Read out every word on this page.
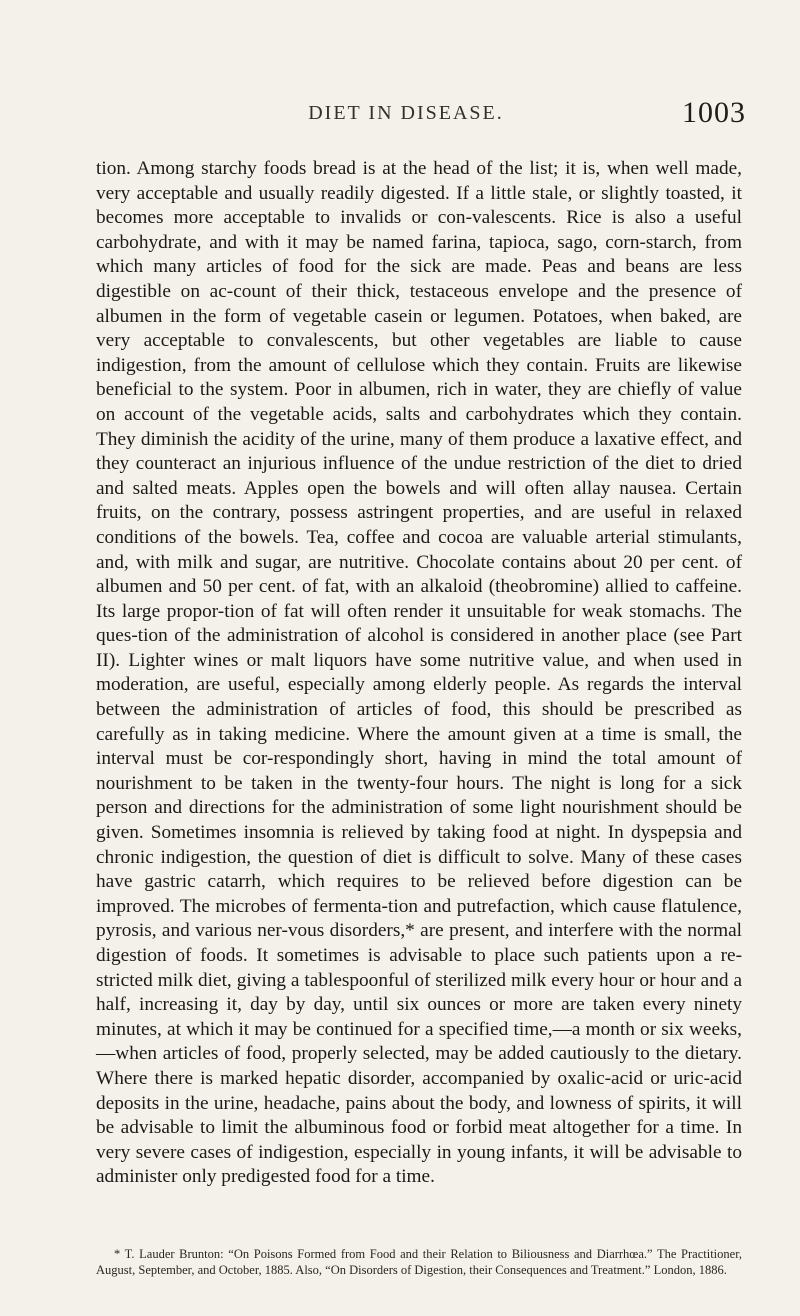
DIET IN DISEASE.	1003

tion. Among starchy foods bread is at the head of the list; it is, when well made, very acceptable and usually readily digested. If a little stale, or slightly toasted, it becomes more acceptable to invalids or con-valescents. Rice is also a useful carbohydrate, and with it may be named farina, tapioca, sago, corn-starch, from which many articles of food for the sick are made. Peas and beans are less digestible on ac-count of their thick, testaceous envelope and the presence of albumen in the form of vegetable casein or legumen. Potatoes, when baked, are very acceptable to convalescents, but other vegetables are liable to cause indigestion, from the amount of cellulose which they contain. Fruits are likewise beneficial to the system. Poor in albumen, rich in water, they are chiefly of value on account of the vegetable acids, salts and carbohydrates which they contain. They diminish the acidity of the urine, many of them produce a laxative effect, and they counteract an injurious influence of the undue restriction of the diet to dried and salted meats. Apples open the bowels and will often allay nausea. Certain fruits, on the contrary, possess astringent properties, and are useful in relaxed conditions of the bowels. Tea, coffee and cocoa are valuable arterial stimulants, and, with milk and sugar, are nutritive. Chocolate contains about 20 per cent. of albumen and 50 per cent. of fat, with an alkaloid (theobromine) allied to caffeine. Its large propor-tion of fat will often render it unsuitable for weak stomachs. The ques-tion of the administration of alcohol is considered in another place (see Part II). Lighter wines or malt liquors have some nutritive value, and when used in moderation, are useful, especially among elderly people. As regards the interval between the administration of articles of food, this should be prescribed as carefully as in taking medicine. Where the amount given at a time is small, the interval must be cor-respondingly short, having in mind the total amount of nourishment to be taken in the twenty-four hours. The night is long for a sick person and directions for the administration of some light nourishment should be given. Sometimes insomnia is relieved by taking food at night. In dyspepsia and chronic indigestion, the question of diet is difficult to solve. Many of these cases have gastric catarrh, which requires to be relieved before digestion can be improved. The microbes of fermenta-tion and putrefaction, which cause flatulence, pyrosis, and various ner-vous disorders,* are present, and interfere with the normal digestion of foods. It sometimes is advisable to place such patients upon a re-stricted milk diet, giving a tablespoonful of sterilized milk every hour or hour and a half, increasing it, day by day, until six ounces or more are taken every ninety minutes, at which it may be continued for a specified time,—a month or six weeks,—when articles of food, properly selected, may be added cautiously to the dietary. Where there is marked hepatic disorder, accompanied by oxalic-acid or uric-acid deposits in the urine, headache, pains about the body, and lowness of spirits, it will be advisable to limit the albuminous food or forbid meat altogether for a time. In very severe cases of indigestion, especially in young infants, it will be advisable to administer only predigested food for a time.

* T. Lauder Brunton: “On Poisons Formed from Food and their Relation to Biliousness and Diarrhœa.” The Practitioner, August, September, and October, 1885. Also, “On Disorders of Digestion, their Consequences and Treatment.” London, 1886.
